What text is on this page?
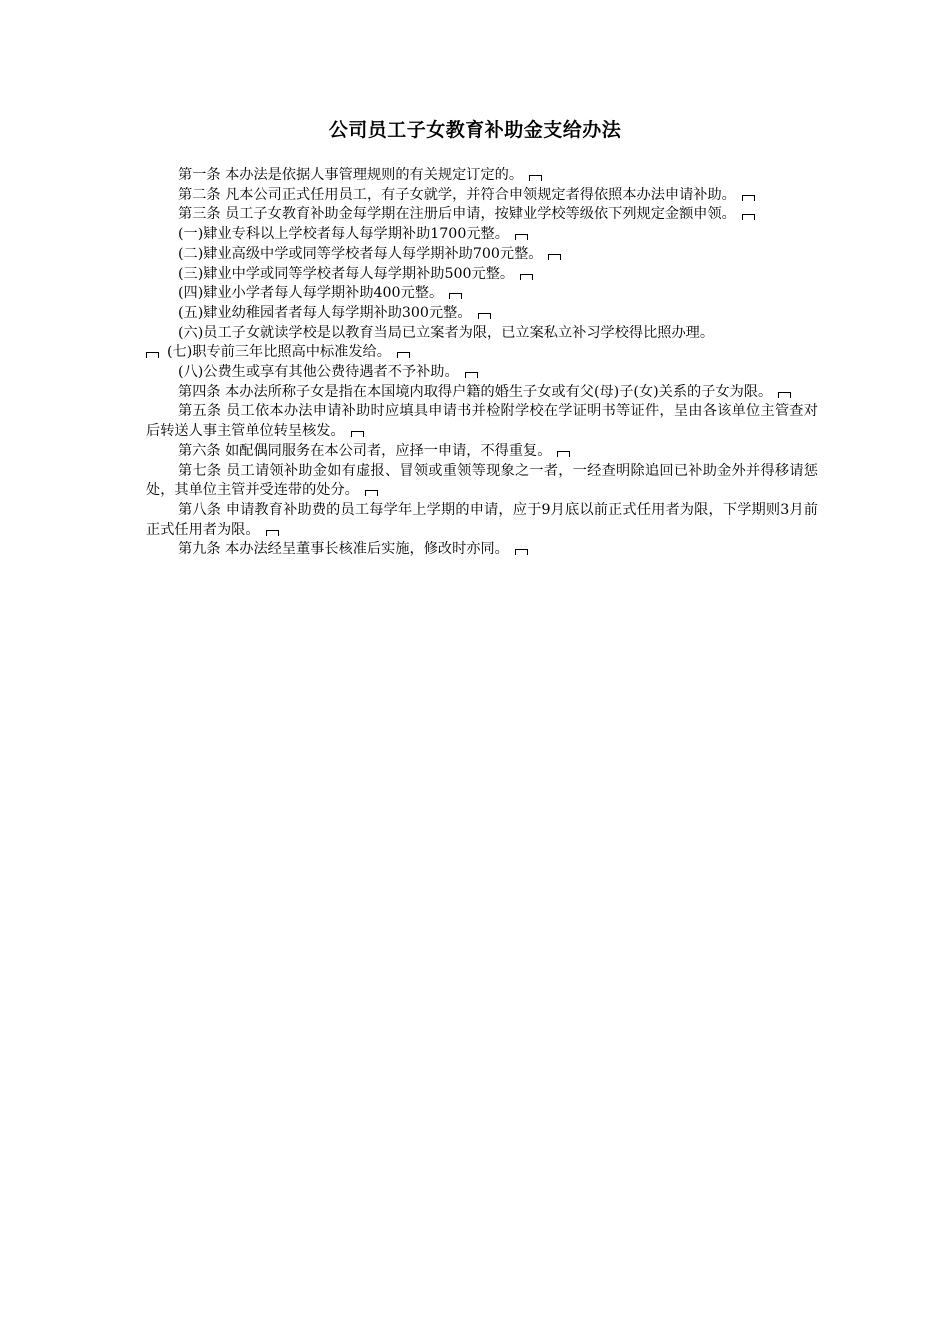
公司员工子女教育补助金支给办法

第一条 本办法是依据人事管理规则的有关规定订定的。

第二条 凡本公司正式任用员工，有子女就学，并符合申领规定者得依照本办法申请补助。

第三条 员工子女教育补助金每学期在注册后申请，按肄业学校等级依下列规定金额申领。

(一)肄业专科以上学校者每人每学期补助1700元整。

(二)肄业高级中学或同等学校者每人每学期补助700元整。

(三)肄业中学或同等学校者每人每学期补助500元整。

(四)肄业小学者每人每学期补助400元整。

(五)肄业幼稚园者者每人每学期补助300元整。

(六)员工子女就读学校是以教育当局已立案者为限，已立案私立补习学校得比照办理。

(七)职专前三年比照高中标准发给。

(八)公费生或享有其他公费待遇者不予补助。

第四条 本办法所称子女是指在本国境内取得户籍的婚生子女或有父(母)子(女)关系的子女为限。

第五条 员工依本办法申请补助时应填具申请书并检附学校在学证明书等证件，呈由各该单位主管查对后转送人事主管单位转呈核发。

第六条 如配偶同服务在本公司者，应择一申请，不得重复。

第七条 员工请领补助金如有虚报、冒领或重领等现象之一者，一经查明除追回已补助金外并得移请惩处，其单位主管并受连带的处分。

第八条 申请教育补助费的员工每学年上学期的申请，应于9月底以前正式任用者为限，下学期则3月前正式任用者为限。

第九条 本办法经呈董事长核准后实施，修改时亦同。
